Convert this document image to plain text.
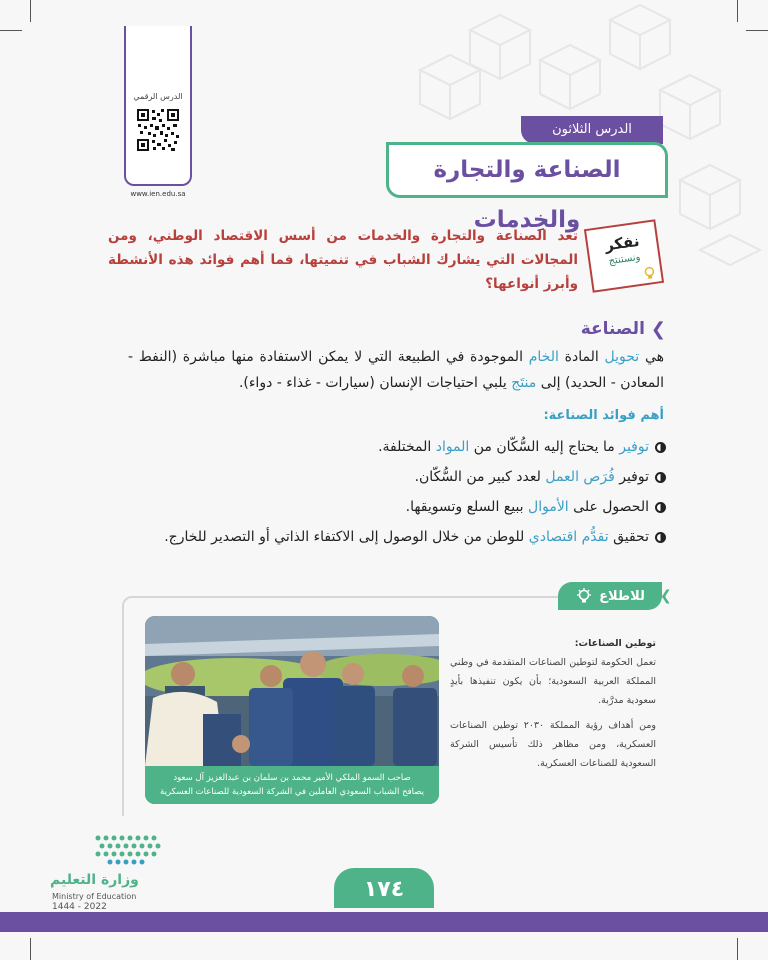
الدرس الرقمي
www.ien.edu.sa
الدرس الثلاثون
الصناعة والتجارة والخِدمات
نفكر
ونستنتج
تعد الصناعة والتجارة والخدمات من أسس الاقتصاد الوطني، ومن المجالات التي يشارك الشباب في تنميتها، فما أهم فوائد هذه الأنشطة وأبرز أنواعها؟
❯
الصناعة
هي تحويل المادة الخام الموجودة في الطبيعة التي لا يمكن الاستفادة منها مباشرة (النفط - المعادن - الحديد) إلى منتَج يلبي احتياجات الإنسان (سيارات - غذاء - دواء).
أهم فوائد الصناعة:
توفير ما يحتاج إليه السُّكّان من المواد المختلفة.
توفير فُرَص العمل لعدد كبير من السُّكّان.
الحصول على الأموال ببيع السلع وتسويقها.
تحقيق تقدُّم اقتصادي للوطن من خلال الوصول إلى الاكتفاء الذاتي أو التصدير للخارج.
للاطلاع ❯
صاحب السمو الملكي الأمير محمد بن سلمان بن عبدالعزيز آل سعود
يصافح الشباب السعودي العاملين في الشركة السعودية للصناعات العسكرية
توطين الصناعات:
تعمل الحكومة لتوطين الصناعات المتقدمة في وطني المملكة العربية السعودية؛ بأن يكون تنفيذها بأيدٍ سعودية مدرَّبة.
ومن أهداف رؤية المملكة ٢٠٣٠ توطين الصناعات العسكرية، ومن مظاهر ذلك تأسيس الشركة السعودية للصناعات العسكرية.
وزارة التعليم
Ministry of Education
2022 - 1444
١٧٤
